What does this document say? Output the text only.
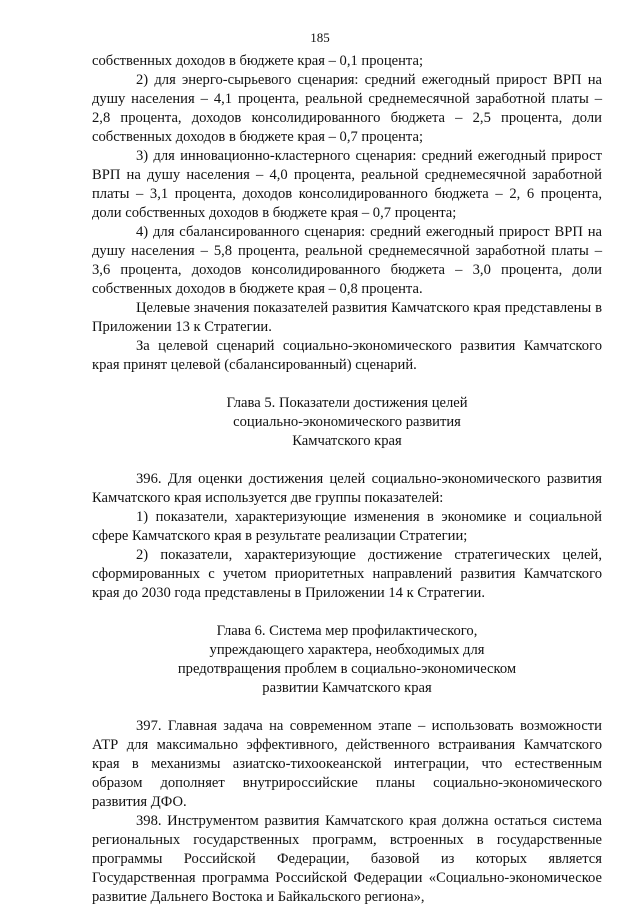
185

собственных доходов в бюджете края – 0,1 процента;

2) для энерго-сырьевого сценария: средний ежегодный прирост ВРП на душу населения – 4,1 процента, реальной среднемесячной заработной платы – 2,8 процента, доходов консолидированного бюджета – 2,5 процента, доли собственных доходов в бюджете края – 0,7 процента;

3) для инновационно-кластерного сценария: средний ежегодный прирост ВРП на душу населения – 4,0 процента, реальной среднемесячной заработной платы – 3,1 процента, доходов консолидированного бюджета – 2, 6 процента, доли собственных доходов в бюджете края – 0,7 процента;

4) для сбалансированного сценария: средний ежегодный прирост ВРП на душу населения – 5,8 процента, реальной среднемесячной заработной платы – 3,6 процента, доходов консолидированного бюджета – 3,0 процента, доли собственных доходов в бюджете края – 0,8 процента.

Целевые значения показателей развития Камчатского края представлены в Приложении 13 к Стратегии.

За целевой сценарий социально-экономического развития Камчатского края принят целевой (сбалансированный) сценарий.

Глава 5. Показатели достижения целей

социально-экономического развития

Камчатского края

396. Для оценки достижения целей социально-экономического развития Камчатского края используется две группы показателей:

1) показатели, характеризующие изменения в экономике и социальной сфере Камчатского края в результате реализации Стратегии;

2) показатели, характеризующие достижение стратегических целей, сформированных с учетом приоритетных направлений развития Камчатского края до 2030 года представлены в Приложении 14 к Стратегии.

Глава 6. Система мер профилактического,

упреждающего характера, необходимых для

предотвращения проблем в социально-экономическом

развитии Камчатского края

397. Главная задача на современном этапе – использовать возможности АТР для максимально эффективного, действенного встраивания Камчатского края в механизмы азиатско-тихоокеанской интеграции, что естественным образом дополняет внутрироссийские планы социально-экономического развития ДФО.

398. Инструментом развития Камчатского края должна остаться система региональных государственных программ, встроенных в государственные программы Российской Федерации, базовой из которых является Государственная программа Российской Федерации «Социально-экономическое развитие Дальнего Востока и Байкальского региона»,
